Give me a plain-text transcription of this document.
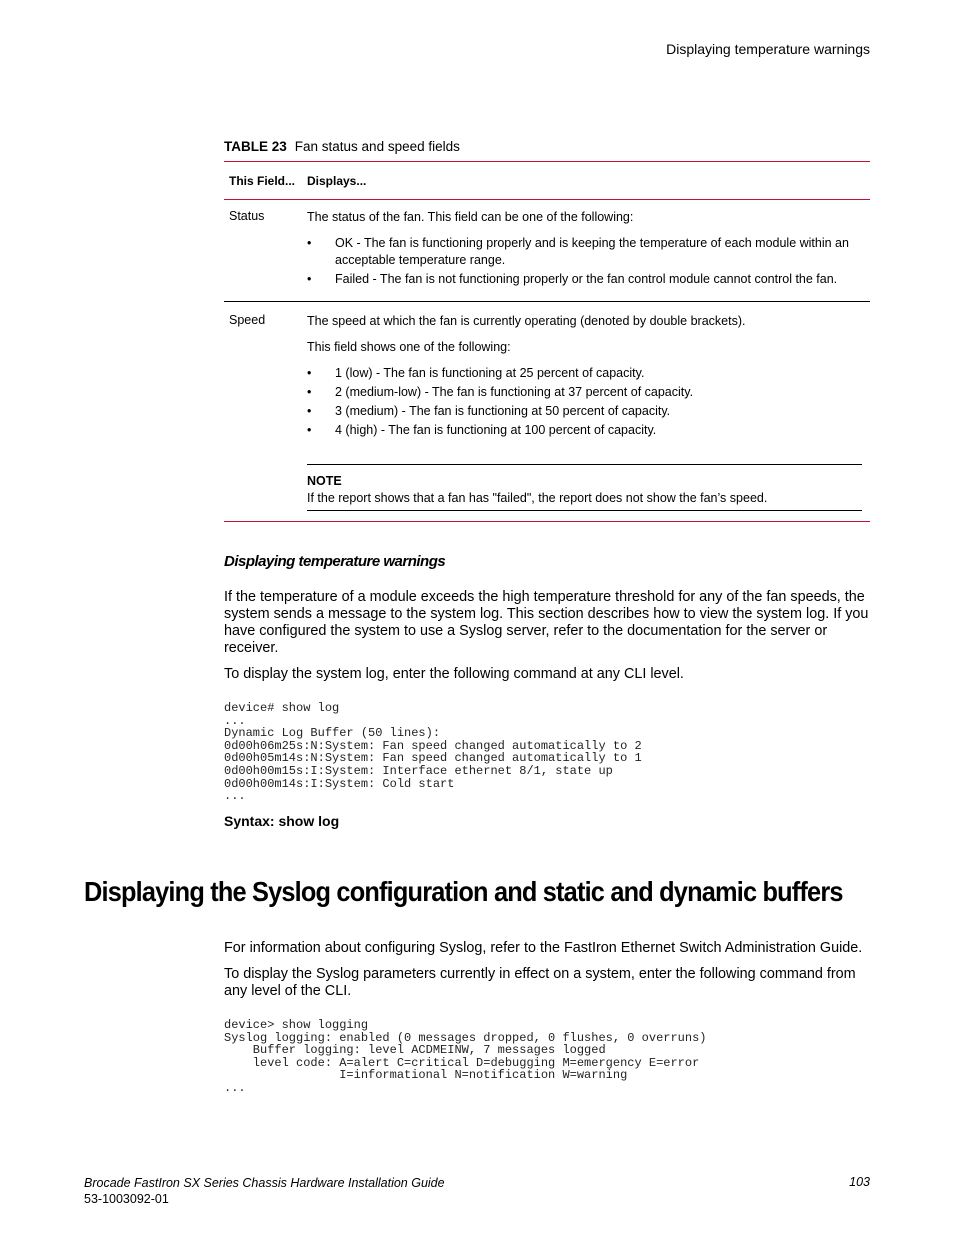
Displaying temperature warnings
TABLE 23 Fan status and speed fields
This Field... Displays...
Status	The status of the fan. This field can be one of the following:

• OK - The fan is functioning properly and is keeping the temperature of each module within an acceptable temperature range.
• Failed - The fan is not functioning properly or the fan control module cannot control the fan.
Speed	The speed at which the fan is currently operating (denoted by double brackets).

This field shows one of the following:

• 1 (low) - The fan is functioning at 25 percent of capacity.
• 2 (medium-low) - The fan is functioning at 37 percent of capacity.
• 3 (medium) - The fan is functioning at 50 percent of capacity.
• 4 (high) - The fan is functioning at 100 percent of capacity.
NOTE
If the report shows that a fan has "failed", the report does not show the fan’s speed.
Displaying temperature warnings

If the temperature of a module exceeds the high temperature threshold for any of the fan speeds, the system sends a message to the system log. This section describes how to view the system log. If you have configured the system to use a Syslog server, refer to the documentation for the server or receiver.

To display the system log, enter the following command at any CLI level.

device# show log
...
Dynamic Log Buffer (50 lines):
0d00h06m25s:N:System: Fan speed changed automatically to 2
0d00h05m14s:N:System: Fan speed changed automatically to 1
0d00h00m15s:I:System: Interface ethernet 8/1, state up
0d00h00m14s:I:System: Cold start
...
Syntax: show log
Displaying the Syslog configuration and static and dynamic buffers

For information about configuring Syslog, refer to the FastIron Ethernet Switch Administration Guide.

To display the Syslog parameters currently in effect on a system, enter the following command from any level of the CLI.

device> show logging
Syslog logging: enabled (0 messages dropped, 0 flushes, 0 overruns)
Buffer logging: level ACDMEINW, 7 messages logged
level code: A=alert C=critical D=debugging M=emergency E=error
I=informational N=notification W=warning
...
Brocade FastIron SX Series Chassis Hardware Installation Guide
53-1003092-01
103
